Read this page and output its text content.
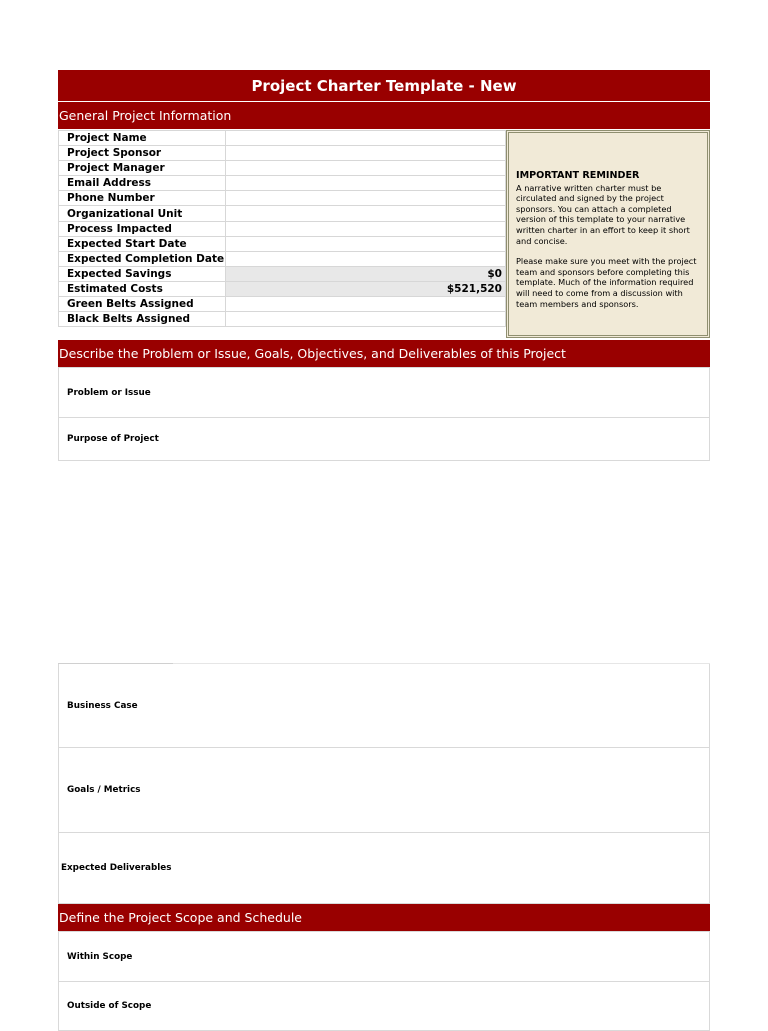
Project Charter Template - New
General Project Information
Project Name	
Project Sponsor	
Project Manager	
Email Address	
Phone Number	
Organizational Unit	
Process Impacted	
Expected Start Date	
Expected Completion Date	
Expected Savings	$0
Estimated Costs	$521,520
Green Belts Assigned	
Black Belts Assigned	
IMPORTANT REMINDER

A narrative written charter must be circulated and signed by the project sponsors. You can attach a completed version of this template to your narrative written charter in an effort to keep it short and concise.

Please make sure you meet with the project team and sponsors before completing this template. Much of the information required will need to come from a discussion with team members and sponsors.

Describe the Problem or Issue, Goals, Objectives, and Deliverables of this Project
Problem or Issue
Purpose of Project
Business Case
Goals / Metrics
Expected Deliverables
Define the Project Scope and Schedule
Within Scope
Outside of Scope
